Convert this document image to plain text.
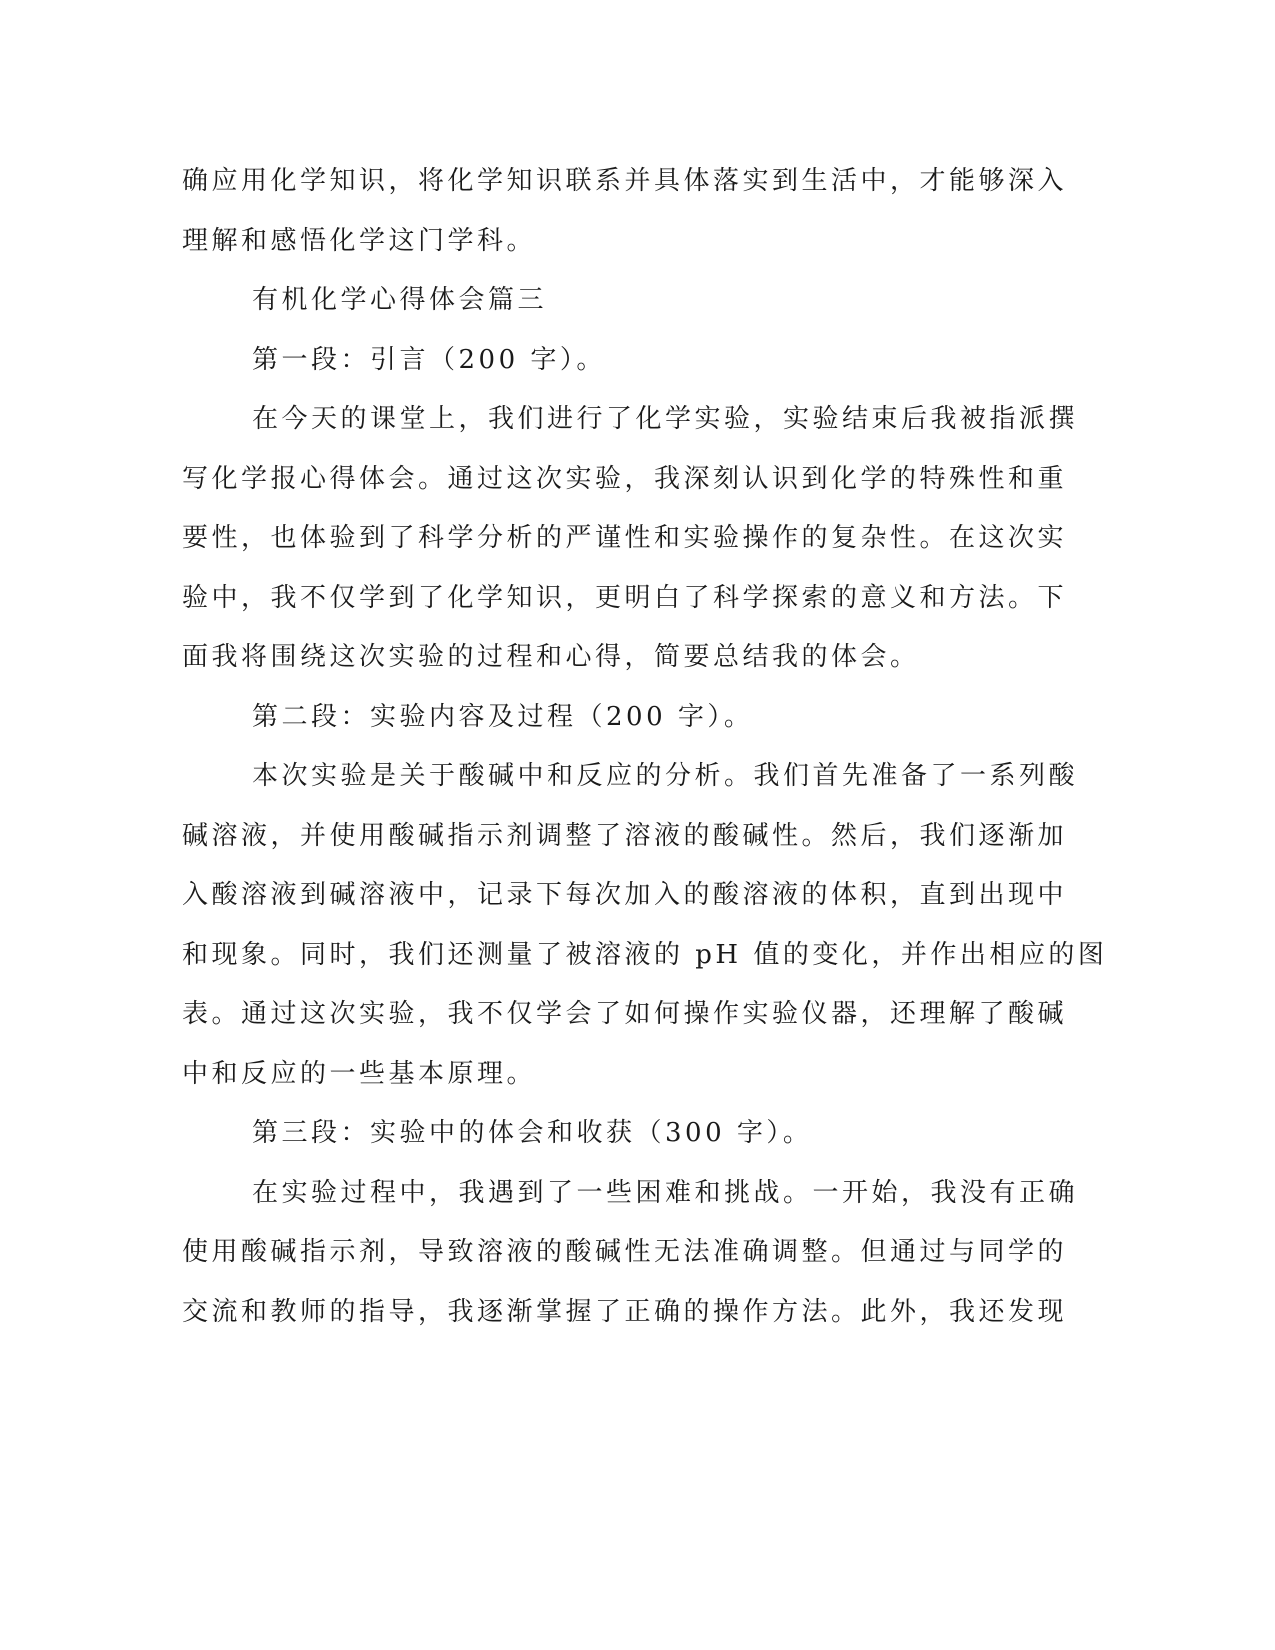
确应用化学知识，将化学知识联系并具体落实到生活中，才能够深入
理解和感悟化学这门学科。
有机化学心得体会篇三
第一段：引言（200 字）。
在今天的课堂上，我们进行了化学实验，实验结束后我被指派撰
写化学报心得体会。通过这次实验，我深刻认识到化学的特殊性和重
要性，也体验到了科学分析的严谨性和实验操作的复杂性。在这次实
验中，我不仅学到了化学知识，更明白了科学探索的意义和方法。下
面我将围绕这次实验的过程和心得，简要总结我的体会。
第二段：实验内容及过程（200 字）。
本次实验是关于酸碱中和反应的分析。我们首先准备了一系列酸
碱溶液，并使用酸碱指示剂调整了溶液的酸碱性。然后，我们逐渐加
入酸溶液到碱溶液中，记录下每次加入的酸溶液的体积，直到出现中
和现象。同时，我们还测量了被溶液的 pH 值的变化，并作出相应的图
表。通过这次实验，我不仅学会了如何操作实验仪器，还理解了酸碱
中和反应的一些基本原理。
第三段：实验中的体会和收获（300 字）。
在实验过程中，我遇到了一些困难和挑战。一开始，我没有正确
使用酸碱指示剂，导致溶液的酸碱性无法准确调整。但通过与同学的
交流和教师的指导，我逐渐掌握了正确的操作方法。此外，我还发现
